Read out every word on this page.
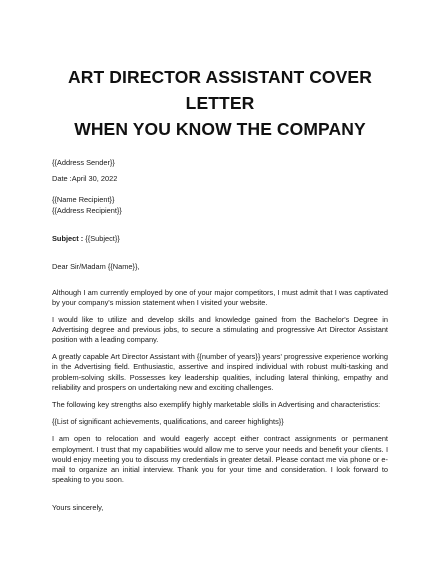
ART DIRECTOR ASSISTANT COVER LETTER
WHEN YOU KNOW THE COMPANY

{{Address Sender}}

Date :April 30, 2022

{{Name Recipient}}

{{Address Recipient}}

Subject : {{Subject}}

Dear Sir/Madam {{Name}},

Although I am currently employed by one of your major competitors, I must admit that I was captivated by your company's mission statement when I visited your website.

I would like to utilize and develop skills and knowledge gained from the Bachelor's Degree in Advertising degree and previous jobs, to secure a stimulating and progressive Art Director Assistant position with a leading company.

A greatly capable Art Director Assistant with {{number of years}} years' progressive experience working in the Advertising field. Enthusiastic, assertive and inspired individual with robust multi-tasking and problem-solving skills. Possesses key leadership qualities, including lateral thinking, empathy and reliability and prospers on undertaking new and exciting challenges.

The following key strengths also exemplify highly marketable skills in Advertising and characteristics:

{{List of significant achievements, qualifications, and career highlights}}

I am open to relocation and would eagerly accept either contract assignments or permanent employment. I trust that my capabilities would allow me to serve your needs and benefit your clients. I would enjoy meeting you to discuss my credentials in greater detail. Please contact me via phone or e-mail to organize an initial interview. Thank you for your time and consideration. I look forward to speaking to you soon.

Yours sincerely,
